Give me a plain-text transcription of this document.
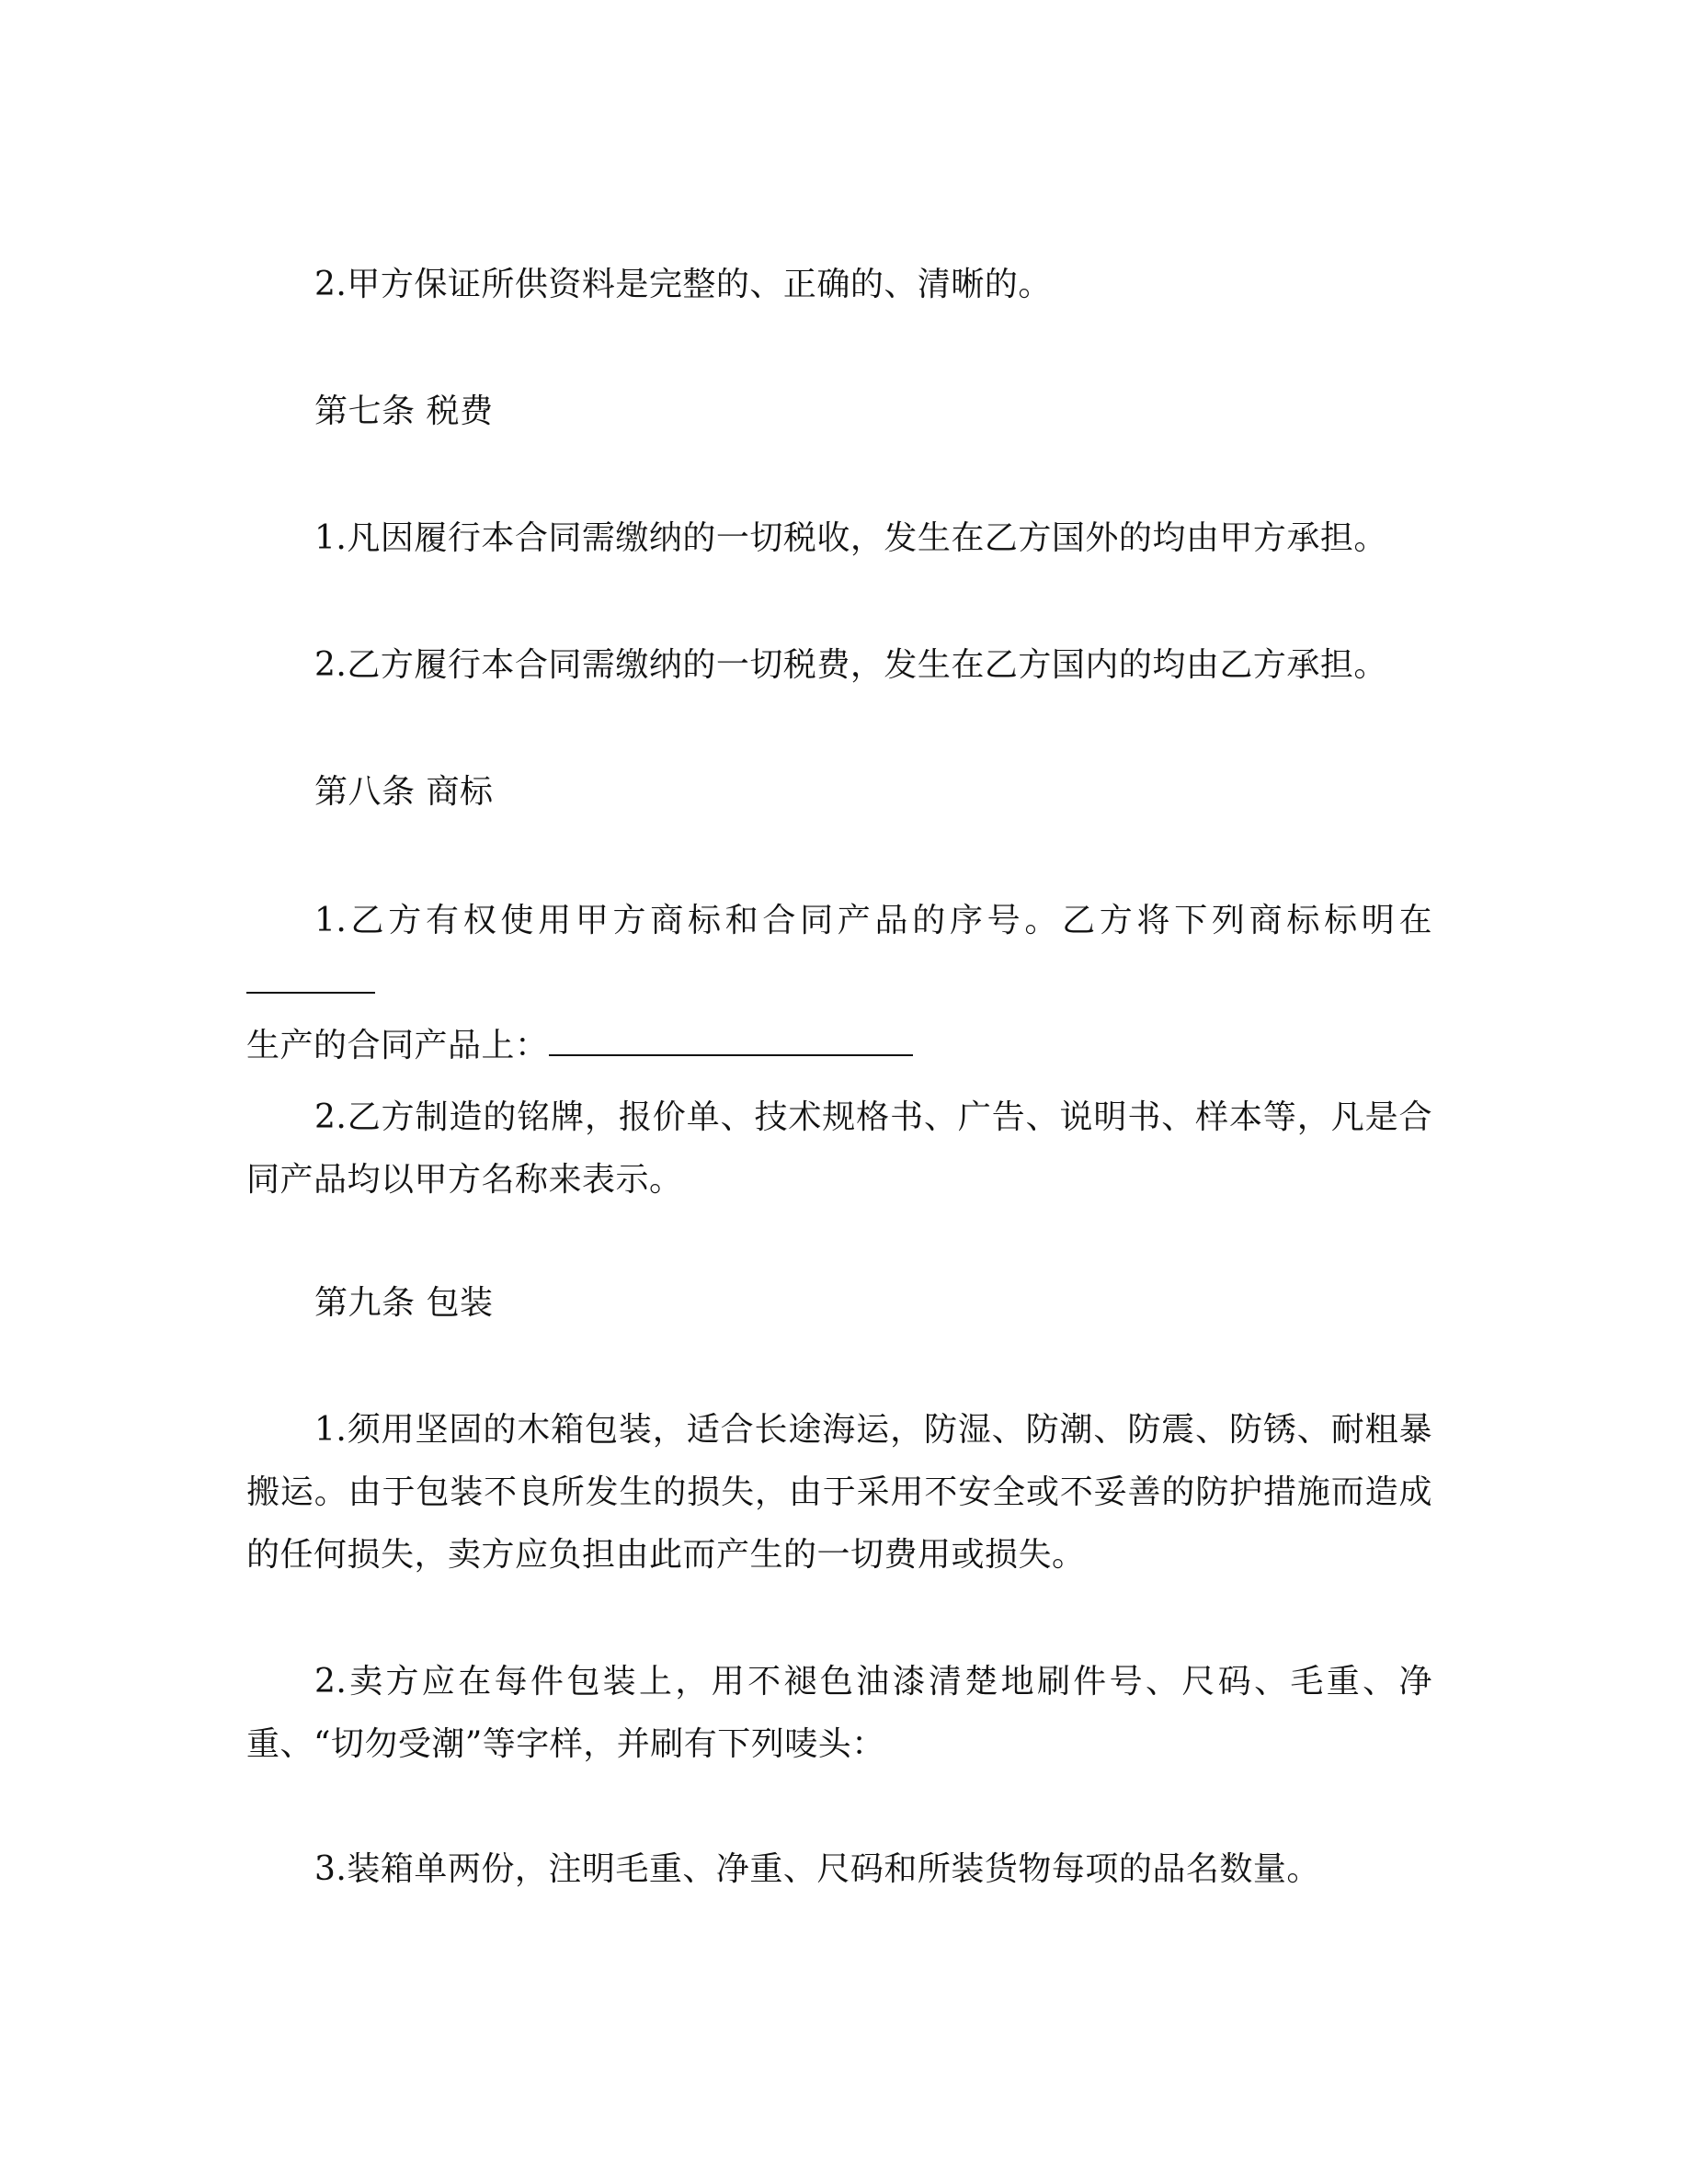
2.甲方保证所供资料是完整的、正确的、清晰的。
第七条 税费
1.凡因履行本合同需缴纳的一切税收，发生在乙方国外的均由甲方承担。
2.乙方履行本合同需缴纳的一切税费，发生在乙方国内的均由乙方承担。
第八条 商标
1.乙方有权使用甲方商标和合同产品的序号。乙方将下列商标标明在
生产的合同产品上：
2.乙方制造的铭牌，报价单、技术规格书、广告、说明书、样本等，凡是合同产品均以甲方名称来表示。
第九条 包装
1.须用坚固的木箱包装，适合长途海运，防湿、防潮、防震、防锈、耐粗暴搬运。由于包装不良所发生的损失，由于采用不安全或不妥善的防护措施而造成的任何损失，卖方应负担由此而产生的一切费用或损失。
2.卖方应在每件包装上，用不褪色油漆清楚地刷件号、尺码、毛重、净重、“切勿受潮”等字样，并刷有下列唛头：
3.装箱单两份，注明毛重、净重、尺码和所装货物每项的品名数量。
